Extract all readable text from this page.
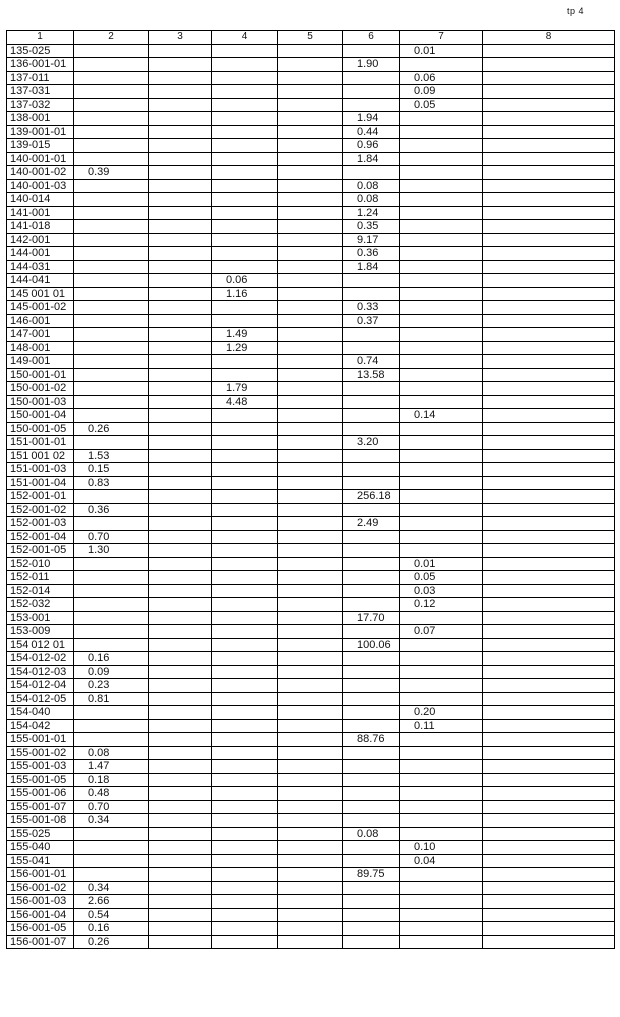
tp 4
1	2	3	4	5	6	7	8
135-025						0.01	
136-001-01					1.90		
137-011						0.06	
137-031						0.09	
137-032						0.05	
138-001					1.94		
139-001-01					0.44		
139-015					0.96		
140-001-01					1.84		
140-001-02	0.39						
140-001-03					0.08		
140-014					0.08		
141-001					1.24		
141-018					0.35		
142-001					9.17		
144-001					0.36		
144-031					1.84		
144-041			0.06				
145 001 01			1.16				
145-001-02					0.33		
146-001					0.37		
147-001			1.49				
148-001			1.29				
149-001					0.74		
150-001-01					13.58		
150-001-02			1.79				
150-001-03			4.48				
150-001-04						0.14	
150-001-05	0.26						
151-001-01					3.20		
151 001 02	1.53						
151-001-03	0.15						
151-001-04	0.83						
152-001-01					256.18		
152-001-02	0.36						
152-001-03					2.49		
152-001-04	0.70						
152-001-05	1.30						
152-010						0.01	
152-011						0.05	
152-014						0.03	
152-032						0.12	
153-001					17.70		
153-009						0.07	
154 012 01					100.06		
154-012-02	0.16						
154-012-03	0.09						
154-012-04	0.23						
154-012-05	0.81						
154-040						0.20	
154-042						0.11	
155-001-01					88.76		
155-001-02	0.08						
155-001-03	1.47						
155-001-05	0.18						
155-001-06	0.48						
155-001-07	0.70						
155-001-08	0.34						
155-025					0.08		
155-040						0.10	
155-041						0.04	
156-001-01					89.75		
156-001-02	0.34						
156-001-03	2.66						
156-001-04	0.54						
156-001-05	0.16						
156-001-07	0.26						
